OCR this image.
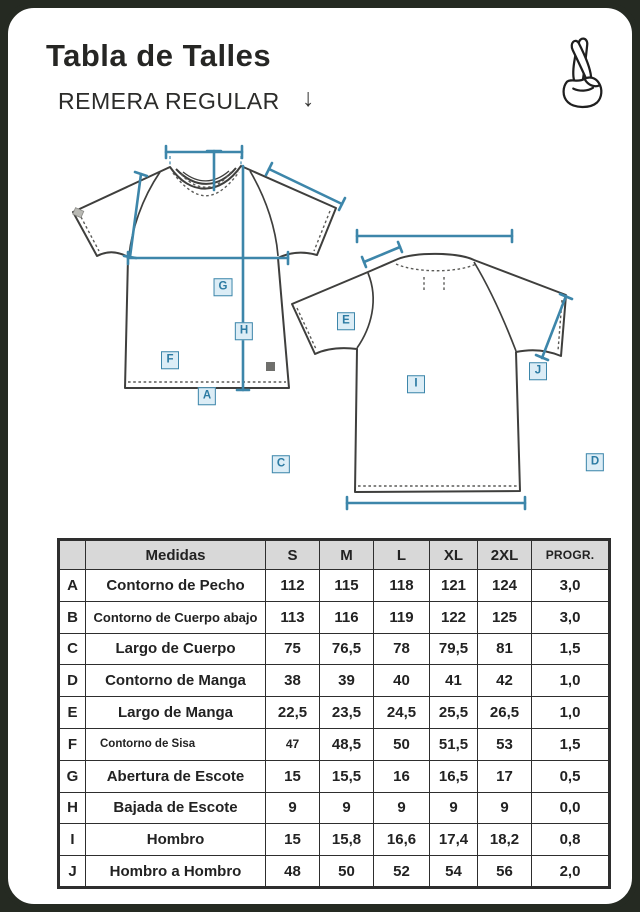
Tabla de Talles
REMERA REGULAR ↓
G
H
E
F
A
C
I
J
D
	Medidas	S	M	L	XL	2XL	PROGR.
A	Contorno de Pecho	112	115	118	121	124	3,0
B	Contorno de Cuerpo abajo	113	116	119	122	125	3,0
C	Largo de Cuerpo	75	76,5	78	79,5	81	1,5
D	Contorno de Manga	38	39	40	41	42	1,0
E	Largo de Manga	22,5	23,5	24,5	25,5	26,5	1,0
F	Contorno de Sisa	47	48,5	50	51,5	53	1,5
G	Abertura de Escote	15	15,5	16	16,5	17	0,5
H	Bajada de Escote	9	9	9	9	9	0,0
I	Hombro	15	15,8	16,6	17,4	18,2	0,8
J	Hombro a Hombro	48	50	52	54	56	2,0
